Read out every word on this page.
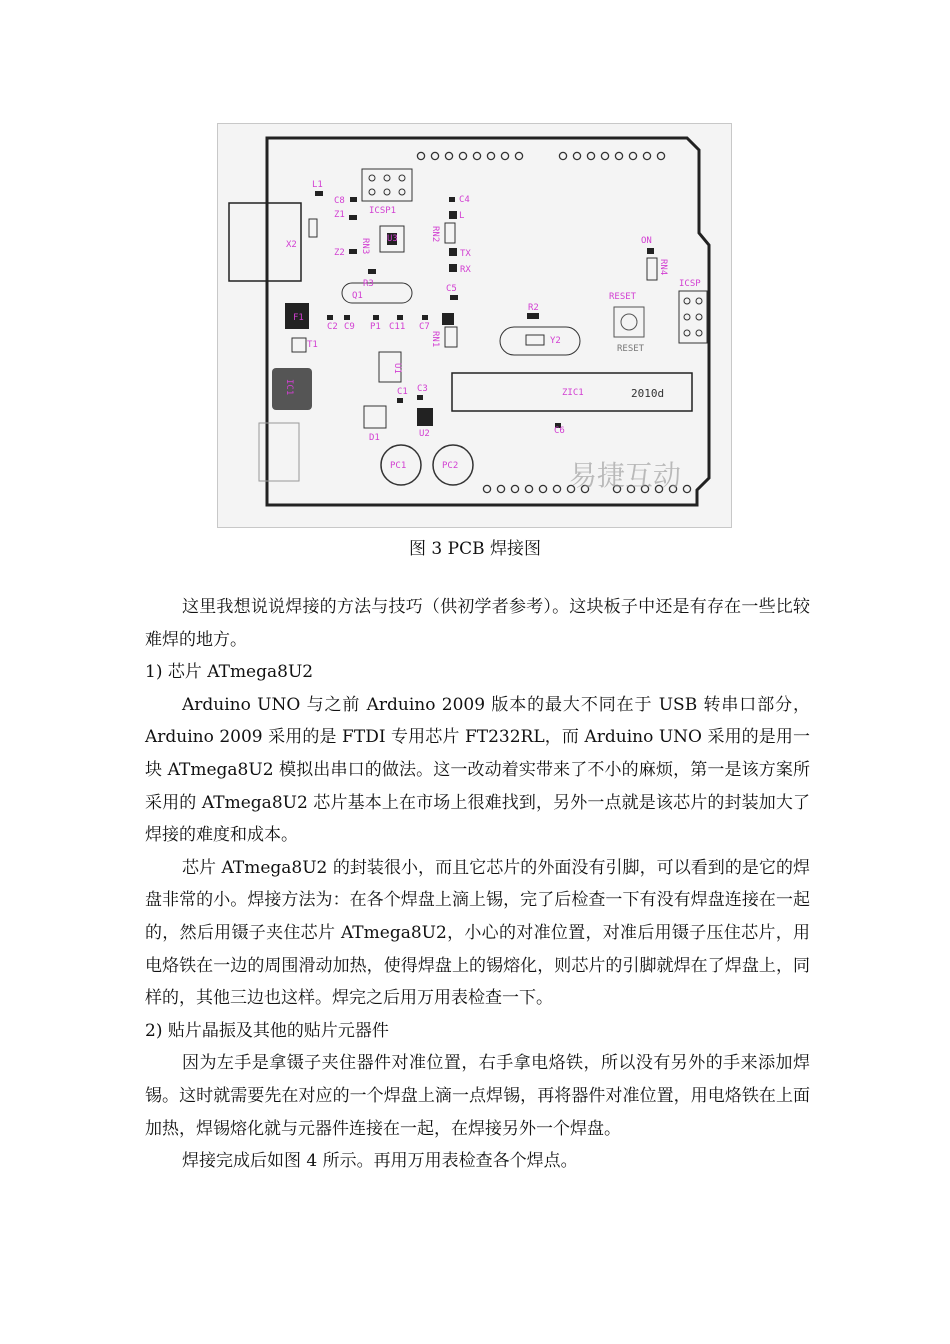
L1
C8
Z1
Z2 RN3
ICSP1
U3
C4
L
RN2
TX
RX
ON
RN4
ICSP
X2
R3
Q1
C5
R2
RESET
RESET
F1
C2 C9 P1 C11 C7
RN1	Y2
T1
U1
IC1	ZIC1	2010d
C1 C3
D1	U2	C6
PC1	PC2	易捷互动
图 3 PCB 焊接图

这里我想说说焊接的方法与技巧（供初学者参考）。这块板子中还是有存在一些比较难焊的地方。

1) 芯片 ATmega8U2

Arduino UNO 与之前 Arduino 2009 版本的最大不同在于 USB 转串口部分，Arduino 2009 采用的是 FTDI 专用芯片 FT232RL，而 Arduino UNO 采用的是用一块 ATmega8U2 模拟出串口的做法。这一改动着实带来了不小的麻烦，第一是该方案所采用的 ATmega8U2 芯片基本上在市场上很难找到，另外一点就是该芯片的封装加大了焊接的难度和成本。

芯片 ATmega8U2 的封装很小，而且它芯片的外面没有引脚，可以看到的是它的焊盘非常的小。焊接方法为：在各个焊盘上滴上锡，完了后检查一下有没有焊盘连接在一起的，然后用镊子夹住芯片 ATmega8U2，小心的对准位置，对准后用镊子压住芯片，用电烙铁在一边的周围滑动加热，使得焊盘上的锡熔化，则芯片的引脚就焊在了焊盘上，同样的，其他三边也这样。焊完之后用万用表检查一下。

2) 贴片晶振及其他的贴片元器件

因为左手是拿镊子夹住器件对准位置，右手拿电烙铁，所以没有另外的手来添加焊锡。这时就需要先在对应的一个焊盘上滴一点焊锡，再将器件对准位置，用电烙铁在上面加热，焊锡熔化就与元器件连接在一起，在焊接另外一个焊盘。

焊接完成后如图 4 所示。再用万用表检查各个焊点。
